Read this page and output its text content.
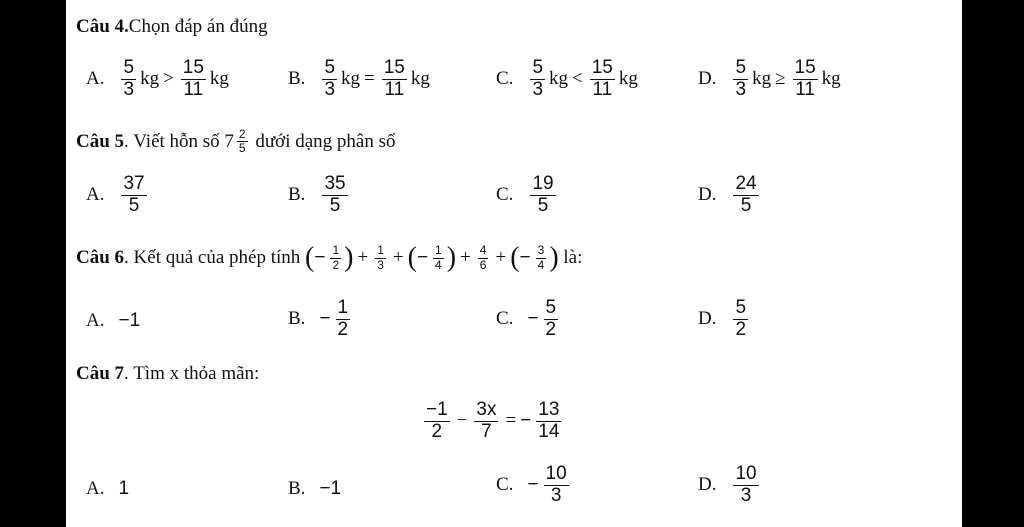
Câu 4. Chọn đáp án đúng
A. $\frac{5}{3}$ kg > $\frac{15}{11}$ kg	B. $\frac{5}{3}$ kg = $\frac{15}{11}$ kg	C. $\frac{5}{3}$ kg < $\frac{15}{11}$ kg	D. $\frac{5}{3}$ kg ≥ $\frac{15}{11}$ kg
Câu 5 . Viết hỗn số $7 \frac{2}{5}$ dưới dạng phân số
A. $\frac{37}{5}$	B. $\frac{35}{5}$	C. $\frac{19}{5}$	D. $\frac{24}{5}$
Câu 6 . Kết quả của phép tính ( − $\frac{1}{2}$ ) + $\frac{1}{3}$ + ( − $\frac{1}{4}$ ) + $\frac{4}{6}$ + ( − $\frac{3}{4}$ ) là:
A. −1	B. − $\frac{1}{2}$	C. − $\frac{5}{2}$	D. $\frac{5}{2}$
Câu 7 . Tìm x thỏa mãn:
$\frac{-1}{2} - \frac{3x}{7}$ = − $\frac{13}{14}$
A. 1	B. −1	C. − $\frac{10}{3}$	D. $\frac{10}{3}$
